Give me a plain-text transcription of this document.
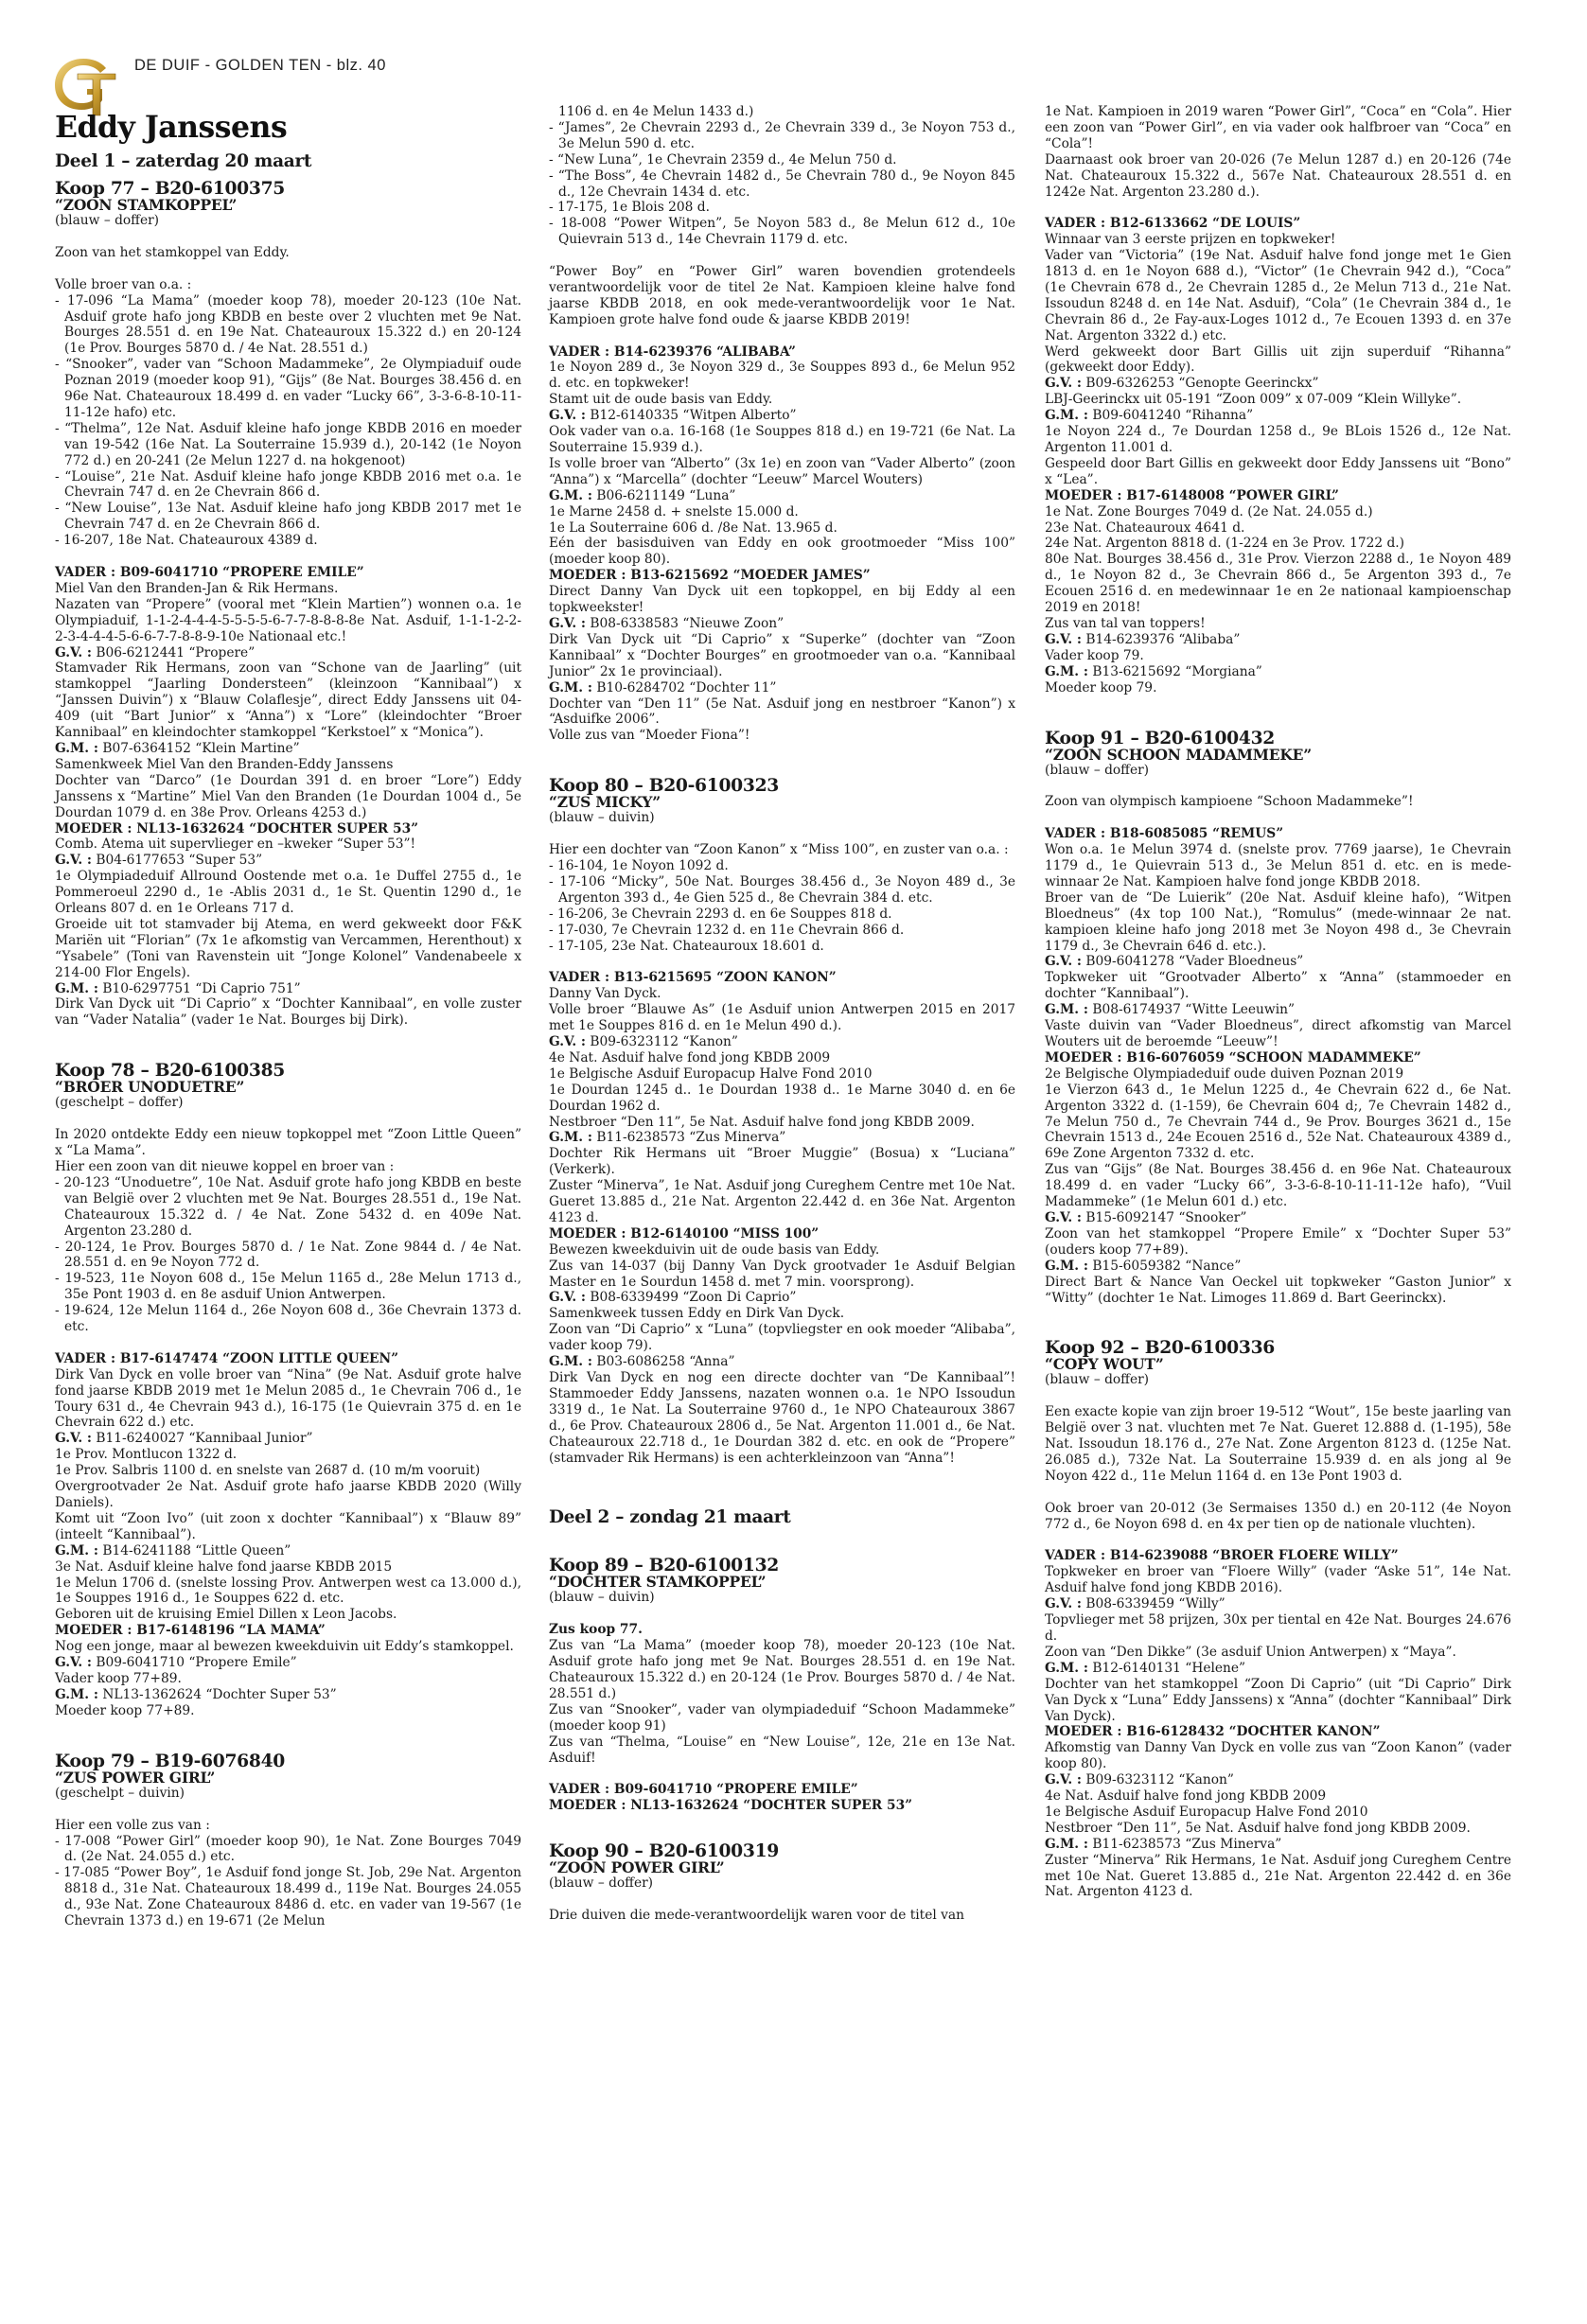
DE DUIF - GOLDEN TEN - blz. 40
Eddy Janssens
Deel 1 – zaterdag 20 maart
Koop 77 – B20-6100375
“ZOON STAMKOPPEL”
(blauw – doffer)

Zoon van het stamkoppel van Eddy.

Volle broer van o.a. :

- 17-096 “La Mama” (moeder koop 78), moeder 20-123 (10e Nat. Asduif grote hafo jong KBDB en beste over 2 vluchten met 9e Nat. Bourges 28.551 d. en 19e Nat. Chateauroux 15.322 d.) en 20-124 (1e Prov. Bourges 5870 d. / 4e Nat. 28.551 d.)

- “Snooker”, vader van “Schoon Madammeke”, 2e Olympiaduif oude Poznan 2019 (moeder koop 91), “Gijs” (8e Nat. Bourges 38.456 d. en 96e Nat. Chateauroux 18.499 d. en vader “Lucky 66”, 3-3-6-8-10-11-11-12e hafo) etc.

- “Thelma”, 12e Nat. Asduif kleine hafo jonge KBDB 2016 en moeder van 19-542 (16e Nat. La Souterraine 15.939 d.), 20-142 (1e Noyon 772 d.) en 20-241 (2e Melun 1227 d. na hokgenoot)

- “Louise”, 21e Nat. Asduif kleine hafo jonge KBDB 2016 met o.a. 1e Chevrain 747 d. en 2e Chevrain 866 d.

- “New Louise”, 13e Nat. Asduif kleine hafo jong KBDB 2017 met 1e Chevrain 747 d. en 2e Chevrain 866 d.

- 16-207, 18e Nat. Chateauroux 4389 d.

VADER : B09-6041710 “PROPERE EMILE”

Miel Van den Branden-Jan & Rik Hermans.

Nazaten van “Propere” (vooral met “Klein Martien”) wonnen o.a. 1e Olympiaduif, 1-1-2-4-4-4-5-5-5-5-6-7-7-8-8-8-8e Nat. Asduif, 1-1-1-2-2-2-3-4-4-4-5-6-6-7-7-8-8-9-10e Nationaal etc.!

G.V. : B06-6212441 “Propere”

Stamvader Rik Hermans, zoon van “Schone van de Jaarling” (uit stamkoppel “Jaarling Dondersteen” (kleinzoon “Kannibaal”) x “Janssen Duivin”) x “Blauw Colaflesje”, direct Eddy Janssens uit 04-409 (uit “Bart Junior” x “Anna”) x “Lore” (kleindochter “Broer Kannibaal” en kleindochter stamkoppel “Kerkstoel” x “Monica”).

G.M. : B07-6364152 “Klein Martine”

Samenkweek Miel Van den Branden-Eddy Janssens

Dochter van “Darco” (1e Dourdan 391 d. en broer “Lore”) Eddy Janssens x “Martine” Miel Van den Branden (1e Dourdan 1004 d., 5e Dourdan 1079 d. en 38e Prov. Orleans 4253 d.)

MOEDER : NL13-1632624 “DOCHTER SUPER 53”

Comb. Atema uit supervlieger en –kweker “Super 53”!

G.V. : B04-6177653 “Super 53”

1e Olympiadeduif Allround Oostende met o.a. 1e Duffel 2755 d., 1e Pommeroeul 2290 d., 1e -Ablis 2031 d., 1e St. Quentin 1290 d., 1e Orleans 807 d. en 1e Orleans 717 d.

Groeide uit tot stamvader bij Atema, en werd gekweekt door F&K Mariën uit “Florian” (7x 1e afkomstig van Vercammen, Herenthout) x “Ysabele” (Toni van Ravenstein uit “Jonge Kolonel” Vandenabeele x 214-00 Flor Engels).

G.M. : B10-6297751 “Di Caprio 751”

Dirk Van Dyck uit “Di Caprio” x “Dochter Kannibaal”, en volle zuster van “Vader Natalia” (vader 1e Nat. Bourges bij Dirk).

Koop 78 – B20-6100385
“BROER UNODUETRE”
(geschelpt – doffer)

In 2020 ontdekte Eddy een nieuw topkoppel met “Zoon Little Queen” x “La Mama”.

Hier een zoon van dit nieuwe koppel en broer van :

- 20-123 “Unoduetre”, 10e Nat. Asduif grote hafo jong KBDB en beste van België over 2 vluchten met 9e Nat. Bourges 28.551 d., 19e Nat. Chateauroux 15.322 d. / 4e Nat. Zone 5432 d. en 409e Nat. Argenton 23.280 d.

- 20-124, 1e Prov. Bourges 5870 d. / 1e Nat. Zone 9844 d. / 4e Nat. 28.551 d. en 9e Noyon 772 d.

- 19-523, 11e Noyon 608 d., 15e Melun 1165 d., 28e Melun 1713 d., 35e Pont 1903 d. en 8e asduif Union Antwerpen.

- 19-624, 12e Melun 1164 d., 26e Noyon 608 d., 36e Chevrain 1373 d. etc.

VADER : B17-6147474 “ZOON LITTLE QUEEN”

Dirk Van Dyck en volle broer van “Nina” (9e Nat. Asduif grote halve fond jaarse KBDB 2019 met 1e Melun 2085 d., 1e Chevrain 706 d., 1e Toury 631 d., 4e Chevrain 943 d.), 16-175 (1e Quievrain 375 d. en 1e Chevrain 622 d.) etc.

G.V. : B11-6240027 “Kannibaal Junior”

1e Prov. Montlucon 1322 d.

1e Prov. Salbris 1100 d. en snelste van 2687 d. (10 m/m vooruit)

Overgrootvader 2e Nat. Asduif grote hafo jaarse KBDB 2020 (Willy Daniels).

Komt uit “Zoon Ivo” (uit zoon x dochter “Kannibaal”) x “Blauw 89” (inteelt “Kannibaal”).

G.M. : B14-6241188 “Little Queen”

3e Nat. Asduif kleine halve fond jaarse KBDB 2015

1e Melun 1706 d. (snelste lossing Prov. Antwerpen west ca 13.000 d.), 1e Souppes 1916 d., 1e Souppes 622 d. etc.

Geboren uit de kruising Emiel Dillen x Leon Jacobs.

MOEDER : B17-6148196 “LA MAMA”

Nog een jonge, maar al bewezen kweekduivin uit Eddy’s stamkoppel.

G.V. : B09-6041710 “Propere Emile”

Vader koop 77+89.

G.M. : NL13-1362624 “Dochter Super 53”

Moeder koop 77+89.

Koop 79 – B19-6076840
“ZUS POWER GIRL”
(geschelpt – duivin)

Hier een volle zus van :

- 17-008 “Power Girl” (moeder koop 90), 1e Nat. Zone Bourges 7049 d. (2e Nat. 24.055 d.) etc.

- 17-085 “Power Boy”, 1e Asduif fond jonge St. Job, 29e Nat. Argenton 8818 d., 31e Nat. Chateauroux 18.499 d., 119e Nat. Bourges 24.055 d., 93e Nat. Zone Chateauroux 8486 d. etc. en vader van 19-567 (1e Chevrain 1373 d.) en 19-671 (2e Melun

1106 d. en 4e Melun 1433 d.)

- “James”, 2e Chevrain 2293 d., 2e Chevrain 339 d., 3e Noyon 753 d., 3e Melun 590 d. etc.

- “New Luna”, 1e Chevrain 2359 d., 4e Melun 750 d.

- “The Boss”, 4e Chevrain 1482 d., 5e Chevrain 780 d., 9e Noyon 845 d., 12e Chevrain 1434 d. etc.

- 17-175, 1e Blois 208 d.

- 18-008 “Power Witpen”, 5e Noyon 583 d., 8e Melun 612 d., 10e Quievrain 513 d., 14e Chevrain 1179 d. etc.

“Power Boy” en “Power Girl” waren bovendien grotendeels verantwoordelijk voor de titel 2e Nat. Kampioen kleine halve fond jaarse KBDB 2018, en ook mede-verantwoordelijk voor 1e Nat. Kampioen grote halve fond oude & jaarse KBDB 2019!

VADER : B14-6239376 “ALIBABA”

1e Noyon 289 d., 3e Noyon 329 d., 3e Souppes 893 d., 6e Melun 952 d. etc. en topkweker!

Stamt uit de oude basis van Eddy.

G.V. : B12-6140335 “Witpen Alberto”

Ook vader van o.a. 16-168 (1e Souppes 818 d.) en 19-721 (6e Nat. La Souterraine 15.939 d.).

Is volle broer van “Alberto” (3x 1e) en zoon van “Vader Alberto” (zoon “Anna”) x “Marcella” (dochter “Leeuw” Marcel Wouters)

G.M. : B06-6211149 “Luna”

1e Marne 2458 d. + snelste 15.000 d.

1e La Souterraine 606 d. /8e Nat. 13.965 d.

Eén der basisduiven van Eddy en ook grootmoeder “Miss 100” (moeder koop 80).

MOEDER : B13-6215692 “MOEDER JAMES”

Direct Danny Van Dyck uit een topkoppel, en bij Eddy al een topkweekster!

G.V. : B08-6338583 “Nieuwe Zoon”

Dirk Van Dyck uit “Di Caprio” x “Superke” (dochter van “Zoon Kannibaal” x “Dochter Bourges” en grootmoeder van o.a. “Kannibaal Junior” 2x 1e provinciaal).

G.M. : B10-6284702 “Dochter 11”

Dochter van “Den 11” (5e Nat. Asduif jong en nestbroer “Kanon”) x “Asduifke 2006”.

Volle zus van “Moeder Fiona”!

Koop 80 – B20-6100323
“ZUS MICKY”
(blauw – duivin)

Hier een dochter van “Zoon Kanon” x “Miss 100”, en zuster van o.a. :

- 16-104, 1e Noyon 1092 d.

- 17-106 “Micky”, 50e Nat. Bourges 38.456 d., 3e Noyon 489 d., 3e Argenton 393 d., 4e Gien 525 d., 8e Chevrain 384 d. etc.

- 16-206, 3e Chevrain 2293 d. en 6e Souppes 818 d.

- 17-030, 7e Chevrain 1232 d. en 11e Chevrain 866 d.

- 17-105, 23e Nat. Chateauroux 18.601 d.

VADER : B13-6215695 “ZOON KANON”

Danny Van Dyck.

Volle broer “Blauwe As” (1e Asduif union Antwerpen 2015 en 2017 met 1e Souppes 816 d. en 1e Melun 490 d.).

G.V. : B09-6323112 “Kanon”

4e Nat. Asduif halve fond jong KBDB 2009

1e Belgische Asduif Europacup Halve Fond 2010

1e Dourdan 1245 d.. 1e Dourdan 1938 d.. 1e Marne 3040 d. en 6e Dourdan 1962 d.

Nestbroer “Den 11”, 5e Nat. Asduif halve fond jong KBDB 2009.

G.M. : B11-6238573 “Zus Minerva”

Dochter Rik Hermans uit “Broer Muggie” (Bosua) x “Luciana” (Verkerk).

Zuster “Minerva”, 1e Nat. Asduif jong Cureghem Centre met 10e Nat. Gueret 13.885 d., 21e Nat. Argenton 22.442 d. en 36e Nat. Argenton 4123 d.

MOEDER : B12-6140100 “MISS 100”

Bewezen kweekduivin uit de oude basis van Eddy.

Zus van 14-037 (bij Danny Van Dyck grootvader 1e Asduif Belgian Master en 1e Sourdun 1458 d. met 7 min. voorsprong).

G.V. : B08-6339499 “Zoon Di Caprio”

Samenkweek tussen Eddy en Dirk Van Dyck.

Zoon van “Di Caprio” x “Luna” (topvliegster en ook moeder “Alibaba”, vader koop 79).

G.M. : B03-6086258 “Anna”

Dirk Van Dyck en nog een directe dochter van “De Kannibaal”! Stammoeder Eddy Janssens, nazaten wonnen o.a. 1e NPO Issoudun 3319 d., 1e Nat. La Souterraine 9760 d., 1e NPO Chateauroux 3867 d., 6e Prov. Chateauroux 2806 d., 5e Nat. Argenton 11.001 d., 6e Nat. Chateauroux 22.718 d., 1e Dourdan 382 d. etc. en ook de “Propere” (stamvader Rik Hermans) is een achterkleinzoon van “Anna”!

Deel 2 – zondag 21 maart
Koop 89 – B20-6100132
“DOCHTER STAMKOPPEL”
(blauw – duivin)

Zus koop 77.

Zus van “La Mama” (moeder koop 78), moeder 20-123 (10e Nat. Asduif grote hafo jong met 9e Nat. Bourges 28.551 d. en 19e Nat. Chateauroux 15.322 d.) en 20-124 (1e Prov. Bourges 5870 d. / 4e Nat. 28.551 d.)

Zus van “Snooker”, vader van olympiadeduif “Schoon Madammeke” (moeder koop 91)

Zus van “Thelma, “Louise” en “New Louise”, 12e, 21e en 13e Nat. Asduif!

VADER : B09-6041710 “PROPERE EMILE”

MOEDER : NL13-1632624 “DOCHTER SUPER 53”

Koop 90 – B20-6100319
“ZOON POWER GIRL”
(blauw – doffer)

Drie duiven die mede-verantwoordelijk waren voor de titel van

1e Nat. Kampioen in 2019 waren “Power Girl”, “Coca” en “Cola”. Hier een zoon van “Power Girl”, en via vader ook halfbroer van “Coca” en “Cola”!

Daarnaast ook broer van 20-026 (7e Melun 1287 d.) en 20-126 (74e Nat. Chateauroux 15.322 d., 567e Nat. Chateauroux 28.551 d. en 1242e Nat. Argenton 23.280 d.).

VADER : B12-6133662 “DE LOUIS”

Winnaar van 3 eerste prijzen en topkweker!

Vader van “Victoria” (19e Nat. Asduif halve fond jonge met 1e Gien 1813 d. en 1e Noyon 688 d.), “Victor” (1e Chevrain 942 d.), “Coca” (1e Chevrain 678 d., 2e Chevrain 1285 d., 2e Melun 713 d., 21e Nat. Issoudun 8248 d. en 14e Nat. Asduif), “Cola” (1e Chevrain 384 d., 1e Chevrain 86 d., 2e Fay-aux-Loges 1012 d., 7e Ecouen 1393 d. en 37e Nat. Argenton 3322 d.) etc.

Werd gekweekt door Bart Gillis uit zijn superduif “Rihanna” (gekweekt door Eddy).

G.V. : B09-6326253 “Genopte Geerinckx”

LBJ-Geerinckx uit 05-191 “Zoon 009” x 07-009 “Klein Willyke”.

G.M. : B09-6041240 “Rihanna”

1e Noyon 224 d., 7e Dourdan 1258 d., 9e BLois 1526 d., 12e Nat. Argenton 11.001 d.

Gespeeld door Bart Gillis en gekweekt door Eddy Janssens uit “Bono” x “Lea”.

MOEDER : B17-6148008 “POWER GIRL”

1e Nat. Zone Bourges 7049 d. (2e Nat. 24.055 d.)

23e Nat. Chateauroux 4641 d.

24e Nat. Argenton 8818 d. (1-224 en 3e Prov. 1722 d.)

80e Nat. Bourges 38.456 d., 31e Prov. Vierzon 2288 d., 1e Noyon 489 d., 1e Noyon 82 d., 3e Chevrain 866 d., 5e Argenton 393 d., 7e Ecouen 2516 d. en medewinnaar 1e en 2e nationaal kampioenschap 2019 en 2018!

Zus van tal van toppers!

G.V. : B14-6239376 “Alibaba”

Vader koop 79.

G.M. : B13-6215692 “Morgiana”

Moeder koop 79.

Koop 91 – B20-6100432
“ZOON SCHOON MADAMMEKE”
(blauw – doffer)

Zoon van olympisch kampioene “Schoon Madammeke”!

VADER : B18-6085085 “REMUS”

Won o.a. 1e Melun 3974 d. (snelste prov. 7769 jaarse), 1e Chevrain 1179 d., 1e Quievrain 513 d., 3e Melun 851 d. etc. en is mede-winnaar 2e Nat. Kampioen halve fond jonge KBDB 2018.

Broer van de “De Luierik” (20e Nat. Asduif kleine hafo), “Witpen Bloedneus” (4x top 100 Nat.), “Romulus” (mede-winnaar 2e nat. kampioen kleine hafo jong 2018 met 3e Noyon 498 d., 3e Chevrain 1179 d., 3e Chevrain 646 d. etc.).

G.V. : B09-6041278 “Vader Bloedneus”

Topkweker uit “Grootvader Alberto” x “Anna” (stammoeder en dochter “Kannibaal”).

G.M. : B08-6174937 “Witte Leeuwin”

Vaste duivin van “Vader Bloedneus”, direct afkomstig van Marcel Wouters uit de beroemde “Leeuw”!

MOEDER : B16-6076059 “SCHOON MADAMMEKE”

2e Belgische Olympiadeduif oude duiven Poznan 2019

1e Vierzon 643 d., 1e Melun 1225 d., 4e Chevrain 622 d., 6e Nat. Argenton 3322 d. (1-159), 6e Chevrain 604 d;, 7e Chevrain 1482 d., 7e Melun 750 d., 7e Chevrain 744 d., 9e Prov. Bourges 3621 d., 15e Chevrain 1513 d., 24e Ecouen 2516 d., 52e Nat. Chateauroux 4389 d., 69e Zone Argenton 7332 d. etc.

Zus van “Gijs” (8e Nat. Bourges 38.456 d. en 96e Nat. Chateauroux 18.499 d. en vader “Lucky 66”, 3-3-6-8-10-11-11-12e hafo), “Vuil Madammeke” (1e Melun 601 d.) etc.

G.V. : B15-6092147 “Snooker”

Zoon van het stamkoppel “Propere Emile” x “Dochter Super 53” (ouders koop 77+89).

G.M. : B15-6059382 “Nance”

Direct Bart & Nance Van Oeckel uit topkweker “Gaston Junior” x “Witty” (dochter 1e Nat. Limoges 11.869 d. Bart Geerinckx).

Koop 92 – B20-6100336
“COPY WOUT”
(blauw – doffer)

Een exacte kopie van zijn broer 19-512 “Wout”, 15e beste jaarling van België over 3 nat. vluchten met 7e Nat. Gueret 12.888 d. (1-195), 58e Nat. Issoudun 18.176 d., 27e Nat. Zone Argenton 8123 d. (125e Nat. 26.085 d.), 732e Nat. La Souterraine 15.939 d. en als jong al 9e Noyon 422 d., 11e Melun 1164 d. en 13e Pont 1903 d.

Ook broer van 20-012 (3e Sermaises 1350 d.) en 20-112 (4e Noyon 772 d., 6e Noyon 698 d. en 4x per tien op de nationale vluchten).

VADER : B14-6239088 “BROER FLOERE WILLY”

Topkweker en broer van “Floere Willy” (vader “Aske 51”, 14e Nat. Asduif halve fond jong KBDB 2016).

G.V. : B08-6339459 “Willy”

Topvlieger met 58 prijzen, 30x per tiental en 42e Nat. Bourges 24.676 d.

Zoon van “Den Dikke” (3e asduif Union Antwerpen) x “Maya”.

G.M. : B12-6140131 “Helene”

Dochter van het stamkoppel “Zoon Di Caprio” (uit “Di Caprio” Dirk Van Dyck x “Luna” Eddy Janssens) x “Anna” (dochter “Kannibaal” Dirk Van Dyck).

MOEDER : B16-6128432 “DOCHTER KANON”

Afkomstig van Danny Van Dyck en volle zus van “Zoon Kanon” (vader koop 80).

G.V. : B09-6323112 “Kanon”

4e Nat. Asduif halve fond jong KBDB 2009

1e Belgische Asduif Europacup Halve Fond 2010

Nestbroer “Den 11”, 5e Nat. Asduif halve fond jong KBDB 2009.

G.M. : B11-6238573 “Zus Minerva”

Zuster “Minerva” Rik Hermans, 1e Nat. Asduif jong Cureghem Centre met 10e Nat. Gueret 13.885 d., 21e Nat. Argenton 22.442 d. en 36e Nat. Argenton 4123 d.
